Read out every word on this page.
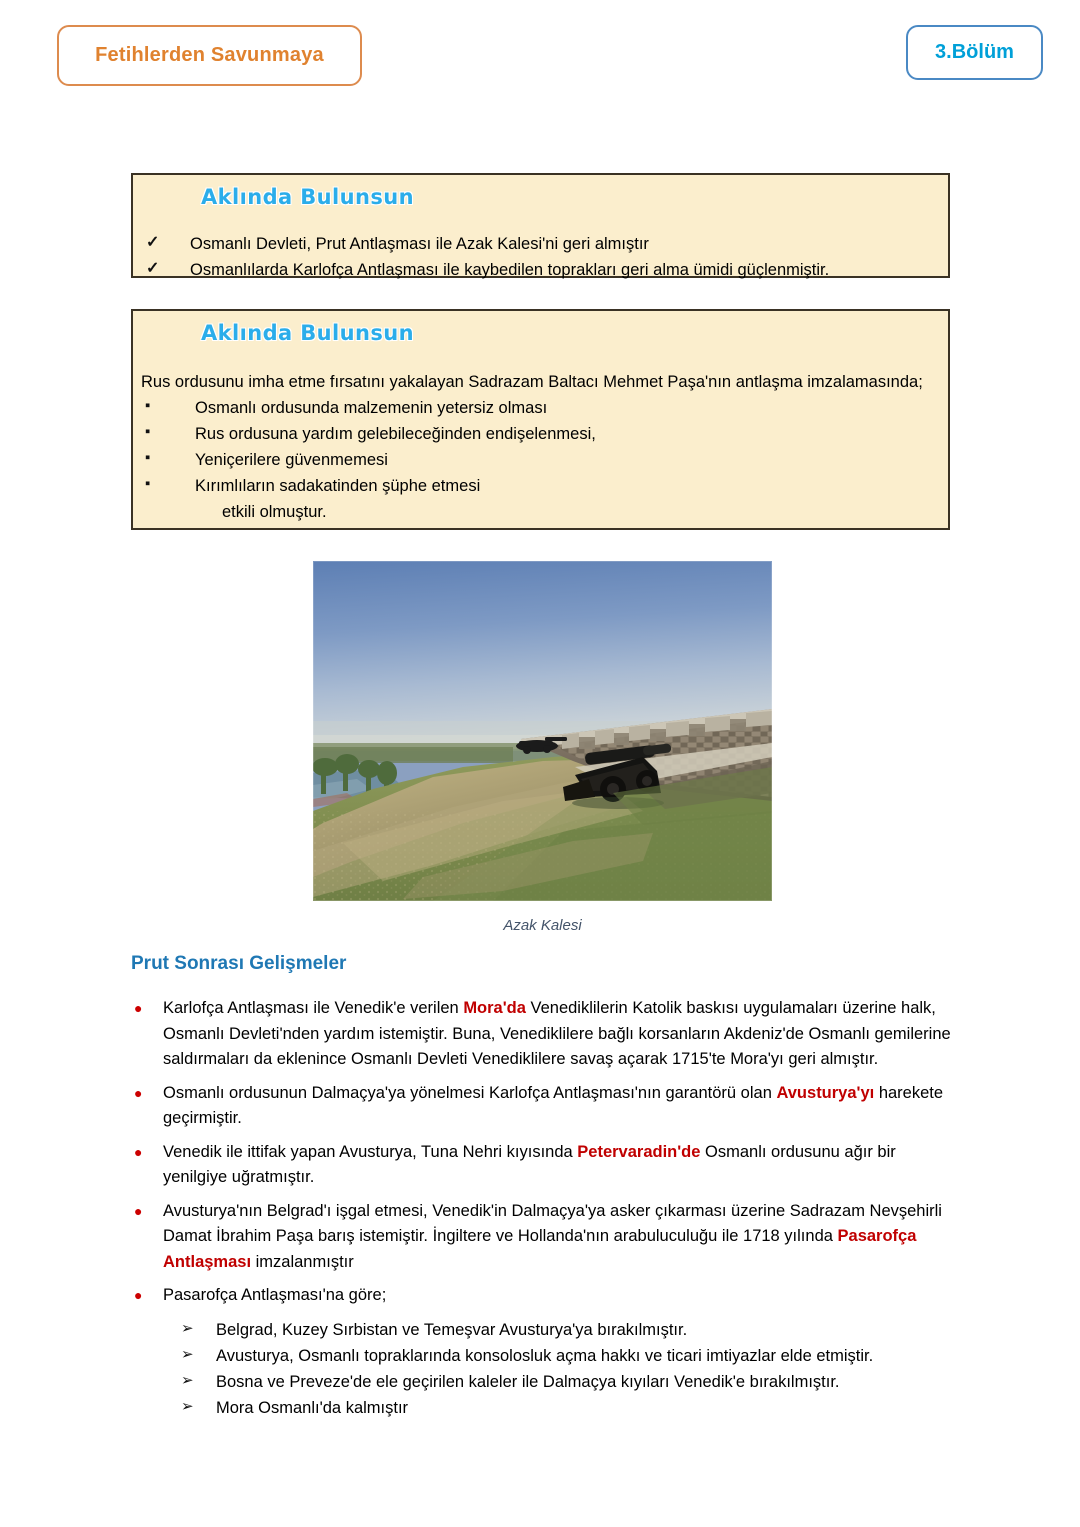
Fetihlerden Savunmaya	3.Bölüm
Aklında Bulunsun
✓ Osmanlı Devleti, Prut Antlaşması ile Azak Kalesi'ni geri almıştır
✓ Osmanlılarda Karlofça Antlaşması ile kaybedilen toprakları geri alma ümidi güçlenmiştir.
Aklında Bulunsun

Rus ordusunu imha etme fırsatını yakalayan Sadrazam Baltacı Mehmet Paşa'nın antlaşma imzalamasında;

▪ Osmanlı ordusunda malzemenin yetersiz olması
▪ Rus ordusuna yardım gelebileceğinden endişelenmesi,
▪ Yeniçerilere güvenmemesi
▪ Kırımlıların sadakatinden şüphe etmesi

etkili olmuştur.

Azak Kalesi
Prut Sonrası Gelişmeler
● Karlofça Antlaşması ile Venedik'e verilen Mora'da Venediklilerin Katolik baskısı uygulamaları üzerine halk, Osmanlı Devleti'nden yardım istemiştir. Buna, Venediklilere bağlı korsanların Akdeniz'de Osmanlı gemilerine saldırmaları da eklenince Osmanlı Devleti Venediklilere savaş açarak 1715'te Mora'yı geri almıştır.
● Osmanlı ordusunun Dalmaçya'ya yönelmesi Karlofça Antlaşması'nın garantörü olan Avusturya'yı harekete geçirmiştir.
● Venedik ile ittifak yapan Avusturya, Tuna Nehri kıyısında Petervaradin'de Osmanlı ordusunu ağır bir yenilgiye uğratmıştır.
● Avusturya'nın Belgrad'ı işgal etmesi, Venedik'in Dalmaçya'ya asker çıkarması üzerine Sadrazam Nevşehirli Damat İbrahim Paşa barış istemiştir. İngiltere ve Hollanda'nın arabuluculuğu ile 1718 yılında Pasarofça Antlaşması imzalanmıştır
● Pasarofça Antlaşması'na göre;
➢ Belgrad, Kuzey Sırbistan ve Temeşvar Avusturya'ya bırakılmıştır.
➢ Avusturya, Osmanlı topraklarında konsolosluk açma hakkı ve ticari imtiyazlar elde etmiştir.
➢ Bosna ve Preveze'de ele geçirilen kaleler ile Dalmaçya kıyıları Venedik'e bırakılmıştır.
➢ Mora Osmanlı'da kalmıştır
